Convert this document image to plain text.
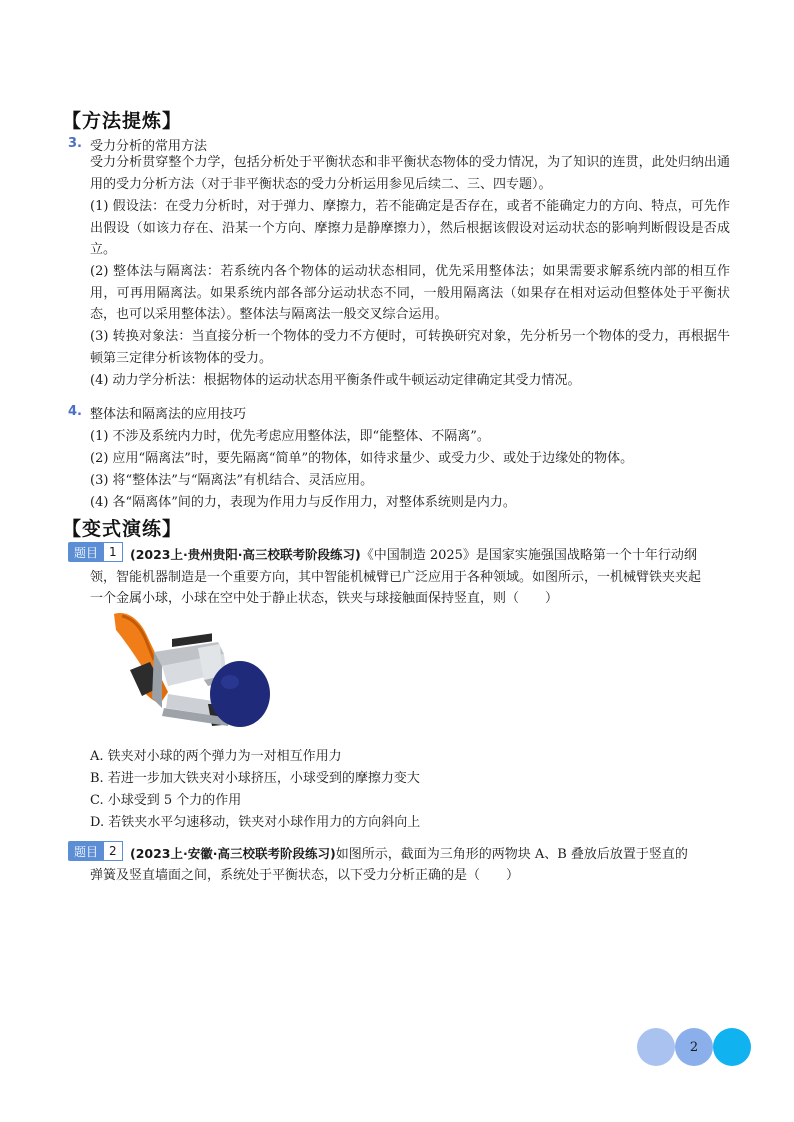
【方法提炼】
3. 受力分析的常用方法
受力分析贯穿整个力学，包括分析处于平衡状态和非平衡状态物体的受力情况，为了知识的连贯，此处归纳出通用的受力分析方法（对于非平衡状态的受力分析运用参见后续二、三、四专题）。
(1) 假设法：在受力分析时，对于弹力、摩擦力，若不能确定是否存在，或者不能确定力的方向、特点，可先作出假设（如该力存在、沿某一个方向、摩擦力是静摩擦力），然后根据该假设对运动状态的影响判断假设是否成立。
(2) 整体法与隔离法：若系统内各个物体的运动状态相同，优先采用整体法；如果需要求解系统内部的相互作用，可再用隔离法。如果系统内部各部分运动状态不同，一般用隔离法（如果存在相对运动但整体处于平衡状态，也可以采用整体法）。整体法与隔离法一般交叉综合运用。
(3) 转换对象法：当直接分析一个物体的受力不方便时，可转换研究对象，先分析另一个物体的受力，再根据牛顿第三定律分析该物体的受力。
(4) 动力学分析法：根据物体的运动状态用平衡条件或牛顿运动定律确定其受力情况。
4. 整体法和隔离法的应用技巧
(1) 不涉及系统内力时，优先考虑应用整体法，即“能整体、不隔离”。
(2) 应用“隔离法”时，要先隔离“简单”的物体，如待求量少、或受力少、或处于边缘处的物体。
(3) 将“整体法”与“隔离法”有机结合、灵活应用。
(4) 各“隔离体”间的力，表现为作用力与反作用力，对整体系统则是内力。
【变式演练】
题目 1	(2023上·贵州贵阳·高三校联考阶段练习)《中国制造 2025》是国家实施强国战略第一个十年行动纲
领，智能机器制造是一个重要方向，其中智能机械臂已广泛应用于各种领域。如图所示，一机械臂铁夹夹起
一个金属小球，小球在空中处于静止状态，铁夹与球接触面保持竖直，则（　　）
A. 铁夹对小球的两个弹力为一对相互作用力
B. 若进一步加大铁夹对小球挤压，小球受到的摩擦力变大
C. 小球受到 5 个力的作用
D. 若铁夹水平匀速移动，铁夹对小球作用力的方向斜向上
题目 2	(2023上·安徽·高三校联考阶段练习)如图所示，截面为三角形的两物块 A、B 叠放后放置于竖直的
弹簧及竖直墙面之间，系统处于平衡状态，以下受力分析正确的是（　　）
2
